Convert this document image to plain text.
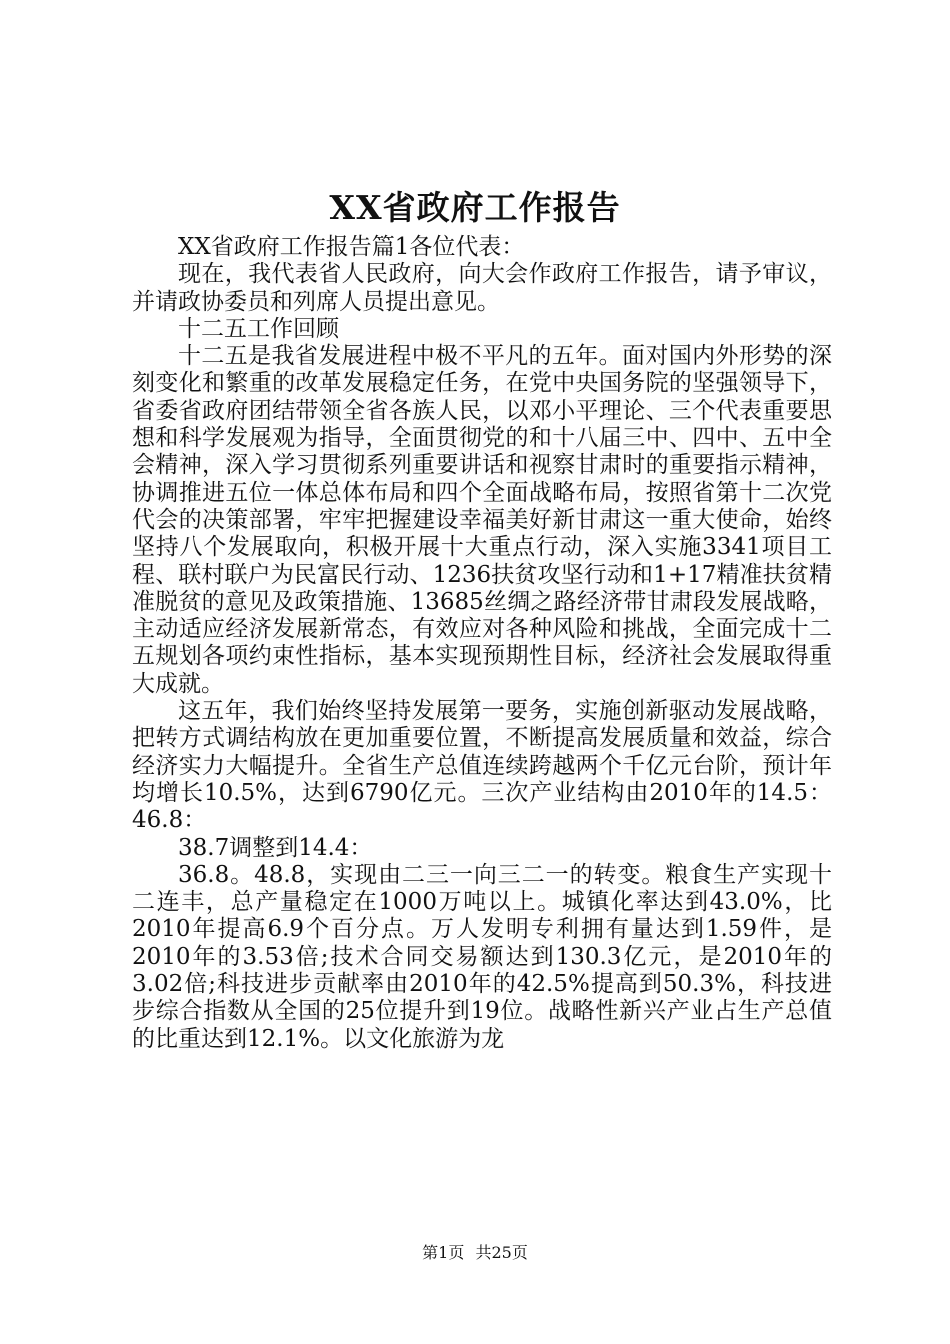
XX省政府工作报告

XX省政府工作报告篇1各位代表：

现在，我代表省人民政府，向大会作政府工作报告，请予审议，并请政协委员和列席人员提出意见。

十二五工作回顾

十二五是我省发展进程中极不平凡的五年。面对国内外形势的深刻变化和繁重的改革发展稳定任务，在党中央国务院的坚强领导下，省委省政府团结带领全省各族人民，以邓小平理论、三个代表重要思想和科学发展观为指导，全面贯彻党的和十八届三中、四中、五中全会精神，深入学习贯彻系列重要讲话和视察甘肃时的重要指示精神，协调推进五位一体总体布局和四个全面战略布局，按照省第十二次党代会的决策部署，牢牢把握建设幸福美好新甘肃这一重大使命，始终坚持八个发展取向，积极开展十大重点行动，深入实施3341项目工程、联村联户为民富民行动、1236扶贫攻坚行动和1+17精准扶贫精准脱贫的意见及政策措施、13685丝绸之路经济带甘肃段发展战略，主动适应经济发展新常态，有效应对各种风险和挑战，全面完成十二五规划各项约束性指标，基本实现预期性目标，经济社会发展取得重大成就。

这五年，我们始终坚持发展第一要务，实施创新驱动发展战略，把转方式调结构放在更加重要位置，不断提高发展质量和效益，综合经济实力大幅提升。全省生产总值连续跨越两个千亿元台阶，预计年均增长10.5%，达到6790亿元。三次产业结构由2010年的14.5：46.8：

38.7调整到14.4：

36.8。48.8，实现由二三一向三二一的转变。粮食生产实现十二连丰，总产量稳定在1000万吨以上。城镇化率达到43.0%，比2010年提高6.9个百分点。万人发明专利拥有量达到1.59件，是2010年的3.53倍;技术合同交易额达到130.3亿元，是2010年的3.02倍;科技进步贡献率由2010年的42.5%提高到50.3%，科技进步综合指数从全国的25位提升到19位。战略性新兴产业占生产总值的比重达到12.1%。以文化旅游为龙

第1页 共25页
